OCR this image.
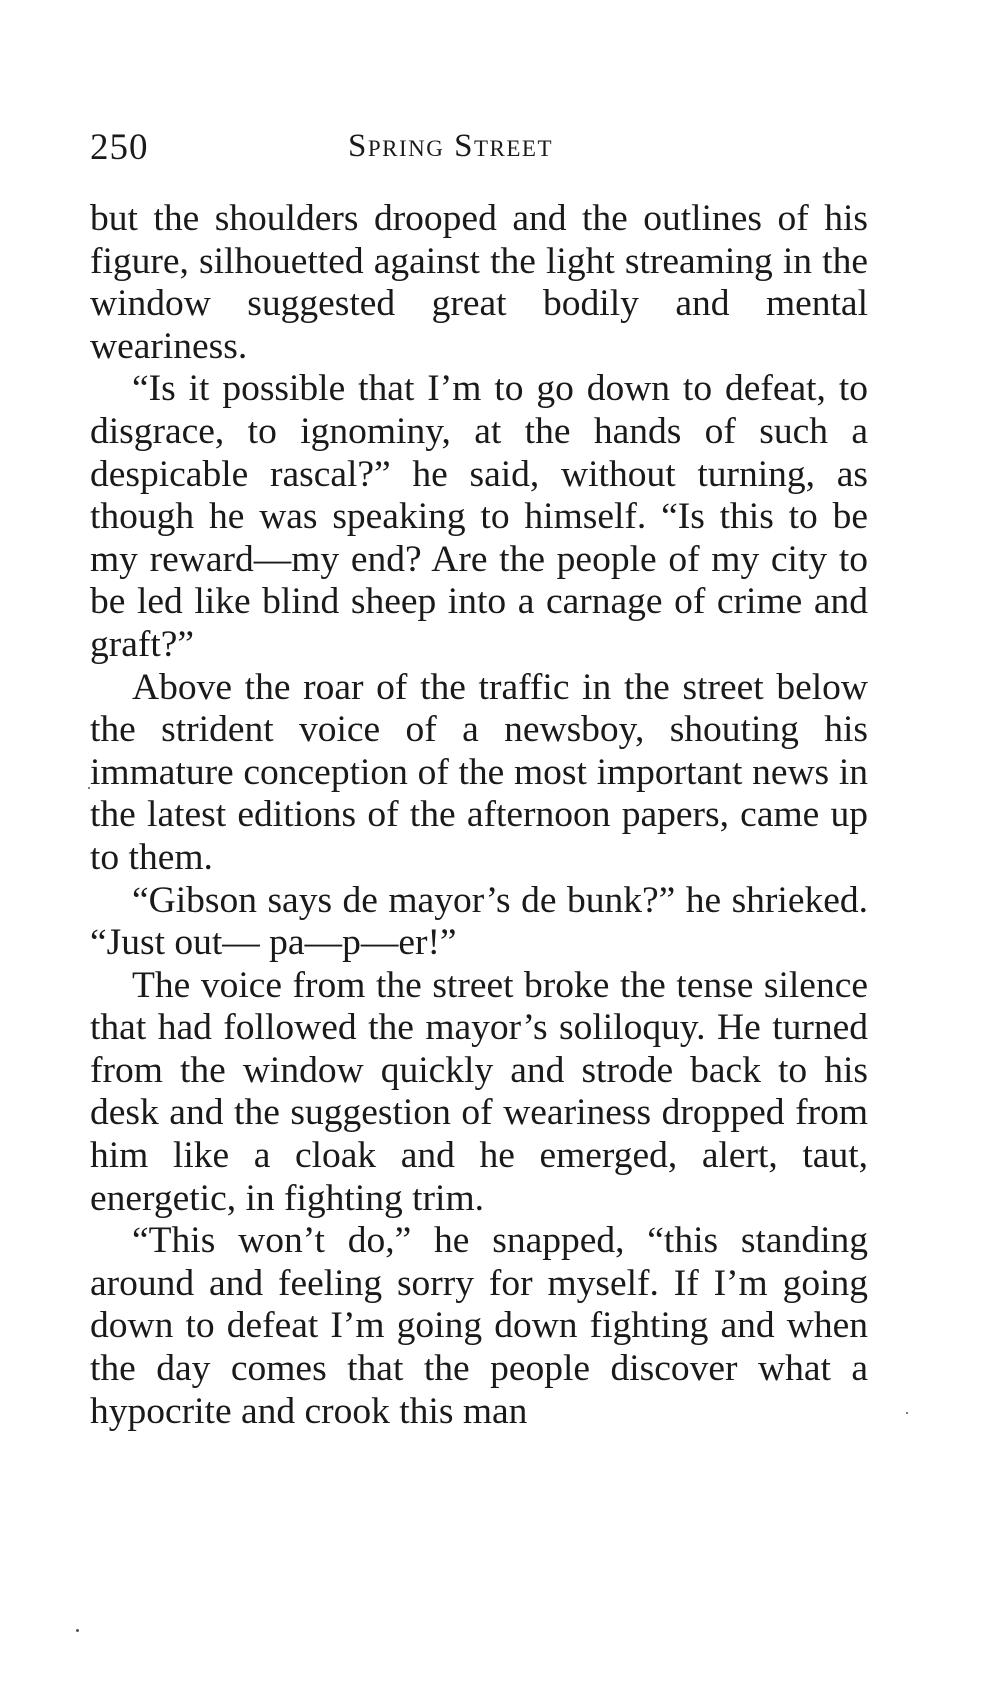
250	Spring Street

but the shoulders drooped and the outlines of his figure, silhouetted against the light streaming in the window suggested great bodily and mental weariness.

“Is it possible that I’m to go down to defeat, to disgrace, to ignominy, at the hands of such a despicable rascal?” he said, without turning, as though he was speaking to himself. “Is this to be my reward—my end? Are the people of my city to be led like blind sheep into a carnage of crime and graft?”

Above the roar of the traffic in the street below the strident voice of a newsboy, shouting his immature conception of the most important news in the latest editions of the afternoon papers, came up to them.

“Gibson says de mayor’s de bunk?” he shrieked. “Just out— pa—p—er!”

The voice from the street broke the tense silence that had followed the mayor’s soliloquy. He turned from the window quickly and strode back to his desk and the suggestion of weariness dropped from him like a cloak and he emerged, alert, taut, energetic, in fighting trim.

“This won’t do,” he snapped, “this standing around and feeling sorry for myself. If I’m going down to defeat I’m going down fighting and when the day comes that the people discover what a hypocrite and crook this man
